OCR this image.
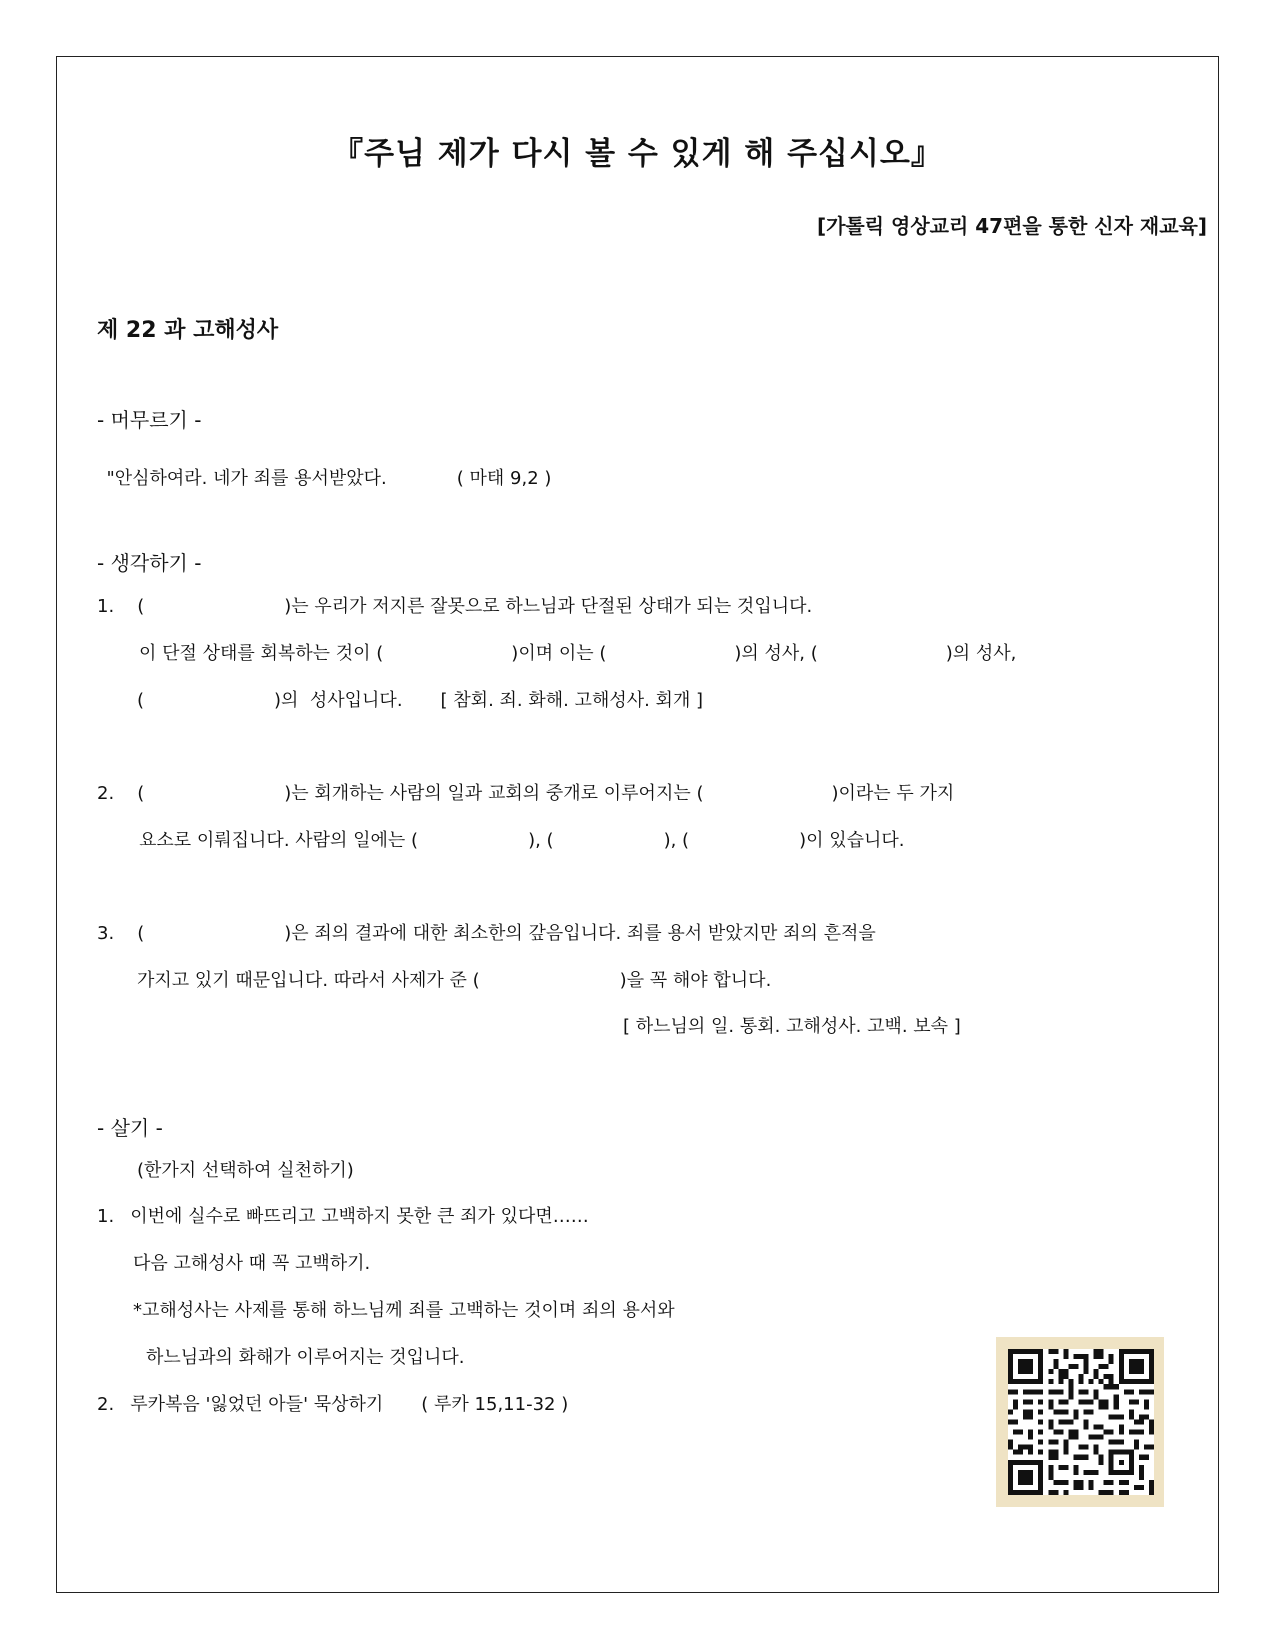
『주님 제가 다시 볼 수 있게 해 주십시오』
[가톨릭 영상교리 47편을 통한 신자 재교육]
제 22 과 고해성사
- 머무르기 -

"안심하여라. 네가 죄를 용서받았다.	( 마태 9,2 )

- 생각하기 -
1. (	)는 우리가 저지른 잘못으로 하느님과 단절된 상태가 되는 것입니다.
이 단절 상태를 회복하는 것이 (	)이며 이는 (	)의 성사, (	)의 성사,
(	)의  성사입니다. [ 참회. 죄. 화해. 고해성사. 회개 ]
2. (	)는 회개하는 사람의 일과 교회의 중개로 이루어지는 (	)이라는 두 가지
요소로 이뤄집니다. 사람의 일에는 (	), (	), (	)이 있습니다.
3. (	)은 죄의 결과에 대한 최소한의 갚음입니다. 죄를 용서 받았지만 죄의 흔적을
가지고 있기 때문입니다. 따라서 사제가 준 (	)을 꼭 해야 합니다.
[ 하느님의 일. 통회. 고해성사. 고백. 보속 ]
- 살기 -
(한가지 선택하여 실천하기)
1. 이번에 실수로 빠뜨리고 고백하지 못한 큰 죄가 있다면……
다음 고해성사 때 꼭 고백하기.
*고해성사는 사제를 통해 하느님께 죄를 고백하는 것이며 죄의 용서와
하느님과의 화해가 이루어지는 것입니다.
2. 루카복음 '잃었던 아들' 묵상하기 ( 루카 15,11-32 )
